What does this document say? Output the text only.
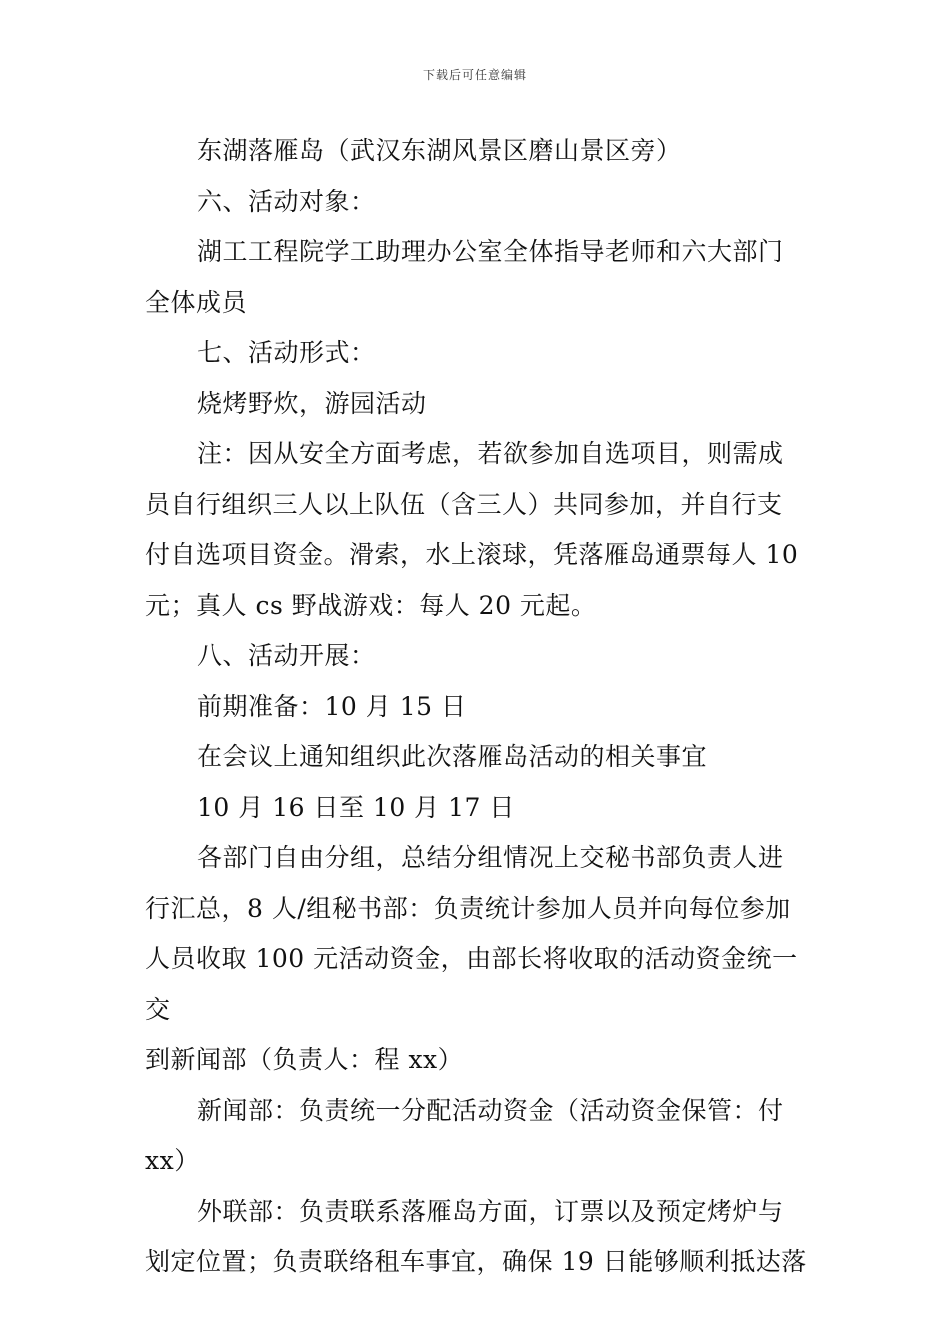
下载后可任意编辑

东湖落雁岛（武汉东湖风景区磨山景区旁）

六、活动对象：

湖工工程院学工助理办公室全体指导老师和六大部门

全体成员

七、活动形式：

烧烤野炊，游园活动

注：因从安全方面考虑，若欲参加自选项目，则需成

员自行组织三人以上队伍（含三人）共同参加，并自行支

付自选项目资金。滑索，水上滚球，凭落雁岛通票每人 10

元；真人 cs 野战游戏：每人 20 元起。

八、活动开展：

前期准备：10 月 15 日

在会议上通知组织此次落雁岛活动的相关事宜

10 月 16 日至 10 月 17 日

各部门自由分组，总结分组情况上交秘书部负责人进

行汇总，8 人/组秘书部：负责统计参加人员并向每位参加

人员收取 100 元活动资金，由部长将收取的活动资金统一交

到新闻部（负责人：程 xx）

新闻部：负责统一分配活动资金（活动资金保管：付

xx）

外联部：负责联系落雁岛方面，订票以及预定烤炉与

划定位置；负责联络租车事宜，确保 19 日能够顺利抵达落
